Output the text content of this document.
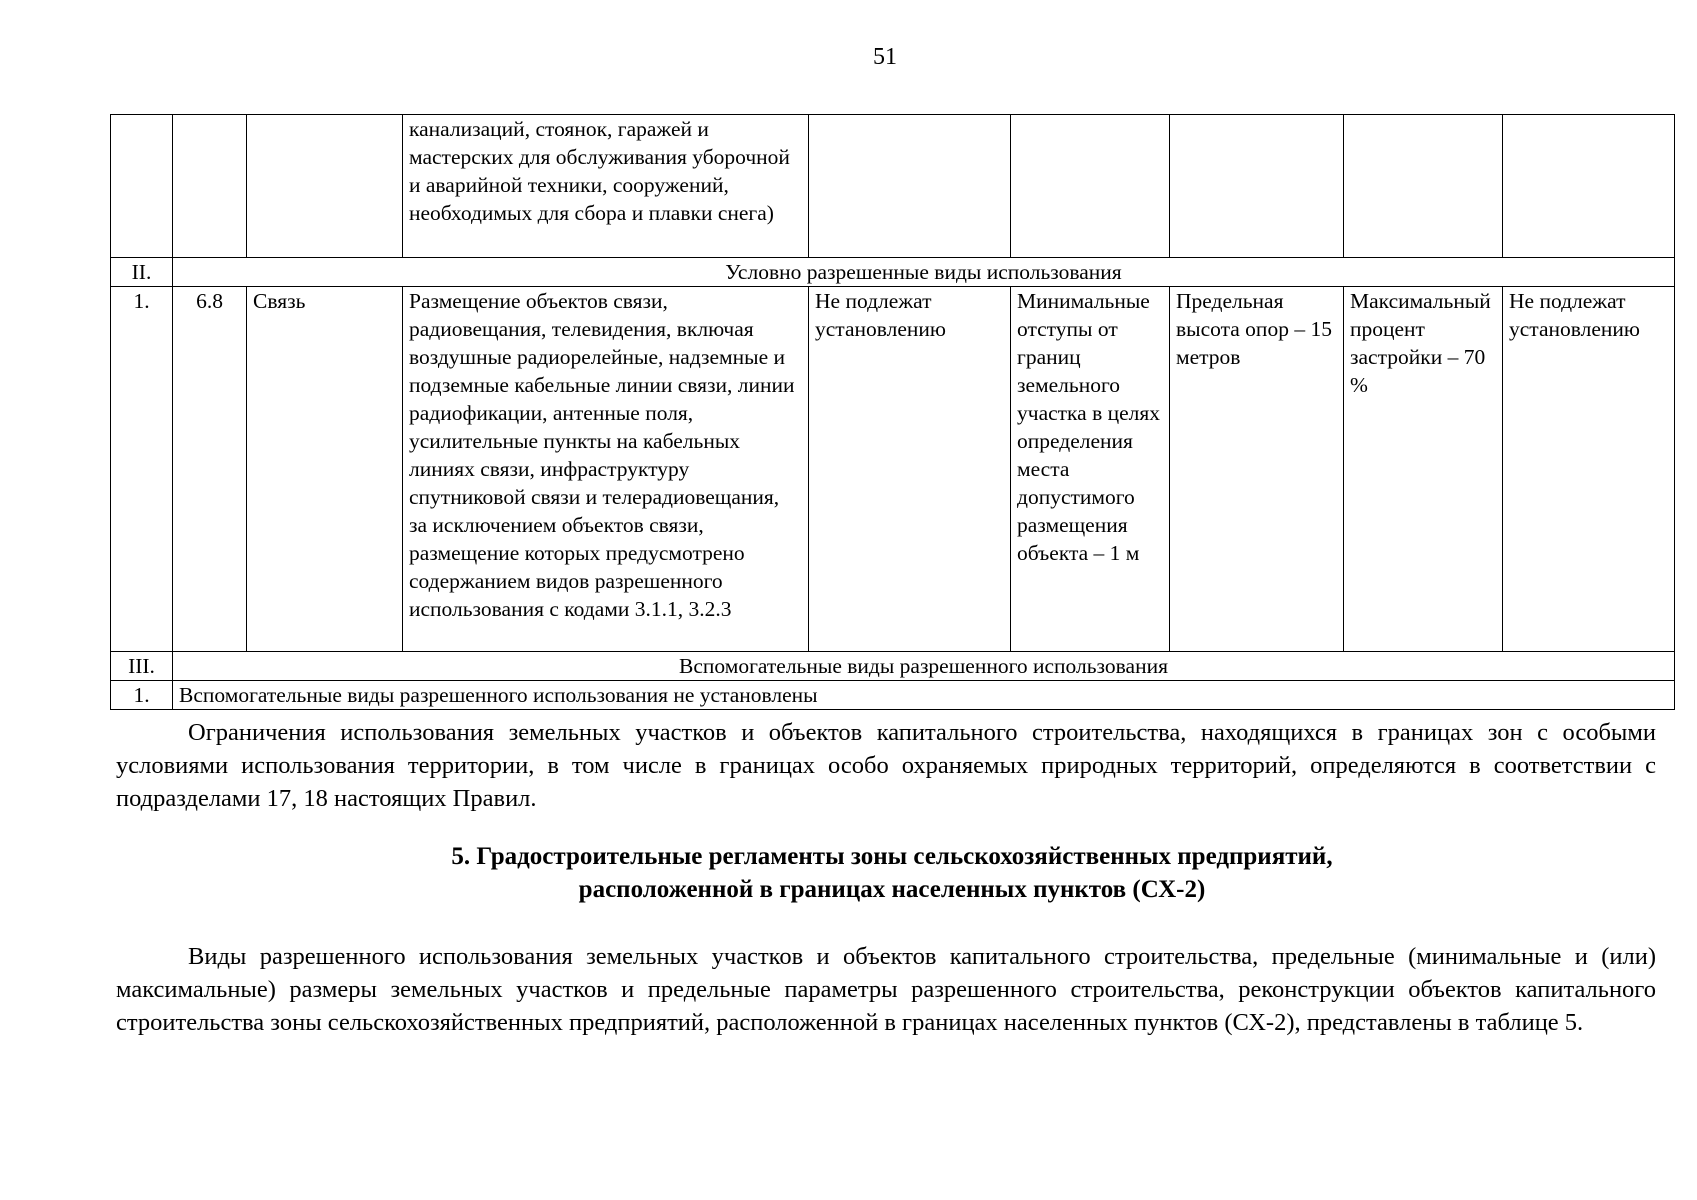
51
			канализаций, стоянок, гаражей и мастерских для обслуживания уборочной и аварийной техники, сооружений, необходимых для сбора и плавки снега)					
II.	Условно разрешенные виды использования							
1.	6.8	Связь	Размещение объектов связи, радиовещания, телевидения, включая воздушные радиорелейные, надземные и подземные кабельные линии связи, линии радиофикации, антенные поля, усилительные пункты на кабельных линиях связи, инфраструктуру спутниковой связи и телерадиовещания, за исключением объектов связи, размещение которых предусмотрено содержанием видов разрешенного использования с кодами 3.1.1, 3.2.3	Не подлежат установлению	Минимальные отступы от границ земельного участка в целях определения места допустимого размещения объекта – 1 м	Предельная высота опор – 15 метров	Максимальный процент застройки – 70 %	Не подлежат установлению
III.	Вспомогательные виды разрешенного использования							
1.	Вспомогательные виды разрешенного использования не установлены							
Ограничения использования земельных участков и объектов капитального строительства, находящихся в границах зон с особыми условиями использования территории, в том числе в границах особо охраняемых природных территорий, определяются в соответствии с подразделами 17, 18 настоящих Правил.
5. Градостроительные регламенты зоны сельскохозяйственных предприятий,
расположенной в границах населенных пунктов (СХ-2)
Виды разрешенного использования земельных участков и объектов капитального строительства, предельные (минимальные и (или) максимальные) размеры земельных участков и предельные параметры разрешенного строительства, реконструкции объектов капитального строительства зоны сельскохозяйственных предприятий, расположенной в границах населенных пунктов (СХ-2), представлены в таблице 5.
